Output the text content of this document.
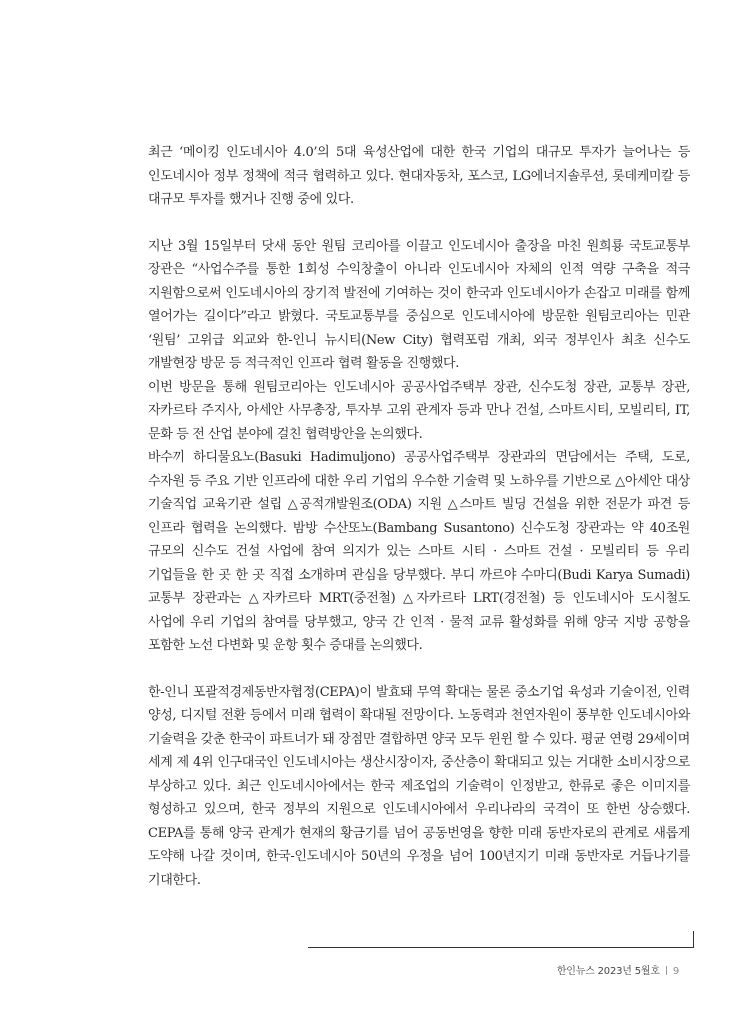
최근 ‘메이킹 인도네시아 4.0’의 5대 육성산업에 대한 한국 기업의 대규모 투자가 늘어나는 등 인도네시아 정부 정책에 적극 협력하고 있다. 현대자동차, 포스코, LG에너지솔루션, 롯데케미칼 등 대규모 투자를 했거나 진행 중에 있다.

지난 3월 15일부터 닷새 동안 원팀 코리아를 이끌고 인도네시아 출장을 마친 원희룡 국토교통부 장관은 “사업수주를 통한 1회성 수익창출이 아니라 인도네시아 자체의 인적 역량 구축을 적극 지원함으로써 인도네시아의 장기적 발전에 기여하는 것이 한국과 인도네시아가 손잡고 미래를 함께 열어가는 길이다”라고 밝혔다. 국토교통부를 중심으로 인도네시아에 방문한 원팀코리아는 민관 ‘원팀’ 고위급 외교와 한-인니 뉴시티(New City) 협력포럼 개최, 외국 정부인사 최초 신수도 개발현장 방문 등 적극적인 인프라 협력 활동을 진행했다.

이번 방문을 통해 원팀코리아는 인도네시아 공공사업주택부 장관, 신수도청 장관, 교통부 장관, 자카르타 주지사, 아세안 사무총장, 투자부 고위 관계자 등과 만나 건설, 스마트시티, 모빌리티, IT, 문화 등 전 산업 분야에 걸친 협력방안을 논의했다.

바수끼 하디물요노(Basuki Hadimuljono) 공공사업주택부 장관과의 면담에서는 주택, 도로, 수자원 등 주요 기반 인프라에 대한 우리 기업의 우수한 기술력 및 노하우를 기반으로 △아세안 대상 기술직업 교육기관 설립 △공적개발원조(ODA) 지원 △스마트 빌딩 건설을 위한 전문가 파견 등 인프라 협력을 논의했다. 밤방 수산또노(Bambang Susantono) 신수도청 장관과는 약 40조원 규모의 신수도 건설 사업에 참여 의지가 있는 스마트 시티 · 스마트 건설 · 모빌리티 등 우리 기업들을 한 곳 한 곳 직접 소개하며 관심을 당부했다. 부디 까르야 수마디(Budi Karya Sumadi) 교통부 장관과는 △자카르타 MRT(중전철) △자카르타 LRT(경전철) 등 인도네시아 도시철도 사업에 우리 기업의 참여를 당부했고, 양국 간 인적 · 물적 교류 활성화를 위해 양국 지방 공항을 포함한 노선 다변화 및 운항 횟수 증대를 논의했다.

한-인니 포괄적경제동반자협정(CEPA)이 발효돼 무역 확대는 물론 중소기업 육성과 기술이전, 인력 양성, 디지털 전환 등에서 미래 협력이 확대될 전망이다. 노동력과 천연자원이 풍부한 인도네시아와 기술력을 갖춘 한국이 파트너가 돼 장점만 결합하면 양국 모두 윈윈 할 수 있다. 평균 연령 29세이며 세계 제 4위 인구대국인 인도네시아는 생산시장이자, 중산층이 확대되고 있는 거대한 소비시장으로 부상하고 있다. 최근 인도네시아에서는 한국 제조업의 기술력이 인정받고, 한류로 좋은 이미지를 형성하고 있으며, 한국 정부의 지원으로 인도네시아에서 우리나라의 국격이 또 한번 상승했다. CEPA를 통해 양국 관계가 현재의 황금기를 넘어 공동번영을 향한 미래 동반자로의 관계로 새롭게 도약해 나갈 것이며, 한국-인도네시아 50년의 우정을 넘어 100년지기 미래 동반자로 거듭나기를 기대한다.

한인뉴스 2023년 5월호 9
